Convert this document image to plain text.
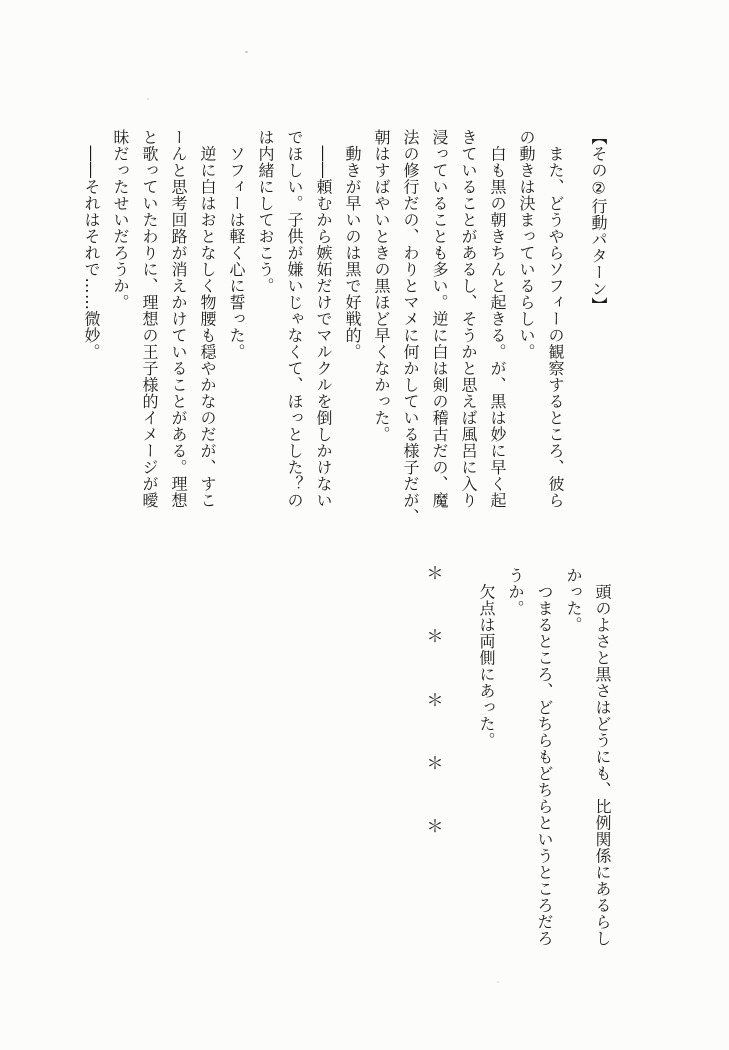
【その②行動パターン】
　また、どうやらソフィーの観察するところ、彼ら
の動きは決まっているらしい。
　白も黒の朝きちんと起きる。が、黒は妙に早く起
きていることがあるし、そうかと思えば風呂に入り
浸っていることも多い。逆に白は剣の稽古だの、魔
法の修行だの、わりとマメに何かしている様子だが、
朝はすばやいときの黒ほど早くなかった。
　動きが早いのは黒で好戦的。
　――頼むから嫉妬だけでマルクルを倒しかけない
でほしい。子供が嫌いじゃなくて、ほっとした？の
は内緒にしておこう。
　ソフィーは軽く心に誓った。
　逆に白はおとなしく物腰も穏やかなのだが、すこ
ーんと思考回路が消えかけていることがある。理想
と歌っていたわりに、理想の王子様的イメージが曖
昧だったせいだろうか。
　――それはそれで……微妙。
　頭のよさと黒さはどうにも、比例関係にあるらし
かった。
　つまるところ、どちらもどちらというところだろ
うか。
　欠点は両側にあった。
＊
＊
＊
＊
＊
